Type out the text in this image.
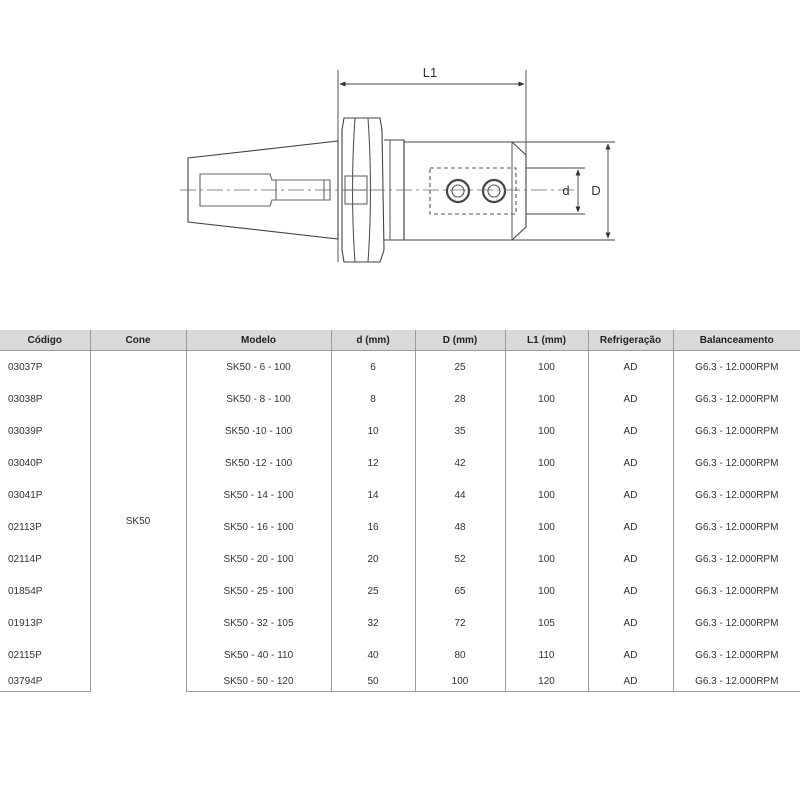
L1
d D
Código	Cone	Modelo	d (mm)	D (mm)	L1 (mm)	Refrigeração	Balanceamento
03037P	SK50	SK50 - 6 - 100	6	25	100	AD	G6.3 - 12.000RPM
03038P		SK50 - 8 - 100	8	28	100	AD	G6.3 - 12.000RPM
03039P		SK50 -10 - 100	10	35	100	AD	G6.3 - 12.000RPM
03040P		SK50 -12 - 100	12	42	100	AD	G6.3 - 12.000RPM
03041P		SK50 - 14 - 100	14	44	100	AD	G6.3 - 12.000RPM
02113P		SK50 - 16 - 100	16	48	100	AD	G6.3 - 12.000RPM
02114P		SK50 - 20 - 100	20	52	100	AD	G6.3 - 12.000RPM
01854P		SK50 - 25 - 100	25	65	100	AD	G6.3 - 12.000RPM
01913P		SK50 - 32 - 105	32	72	105	AD	G6.3 - 12.000RPM
02115P		SK50 - 40 - 110	40	80	110	AD	G6.3 - 12.000RPM
03794P		SK50 - 50 - 120	50	100	120	AD	G6.3 - 12.000RPM
